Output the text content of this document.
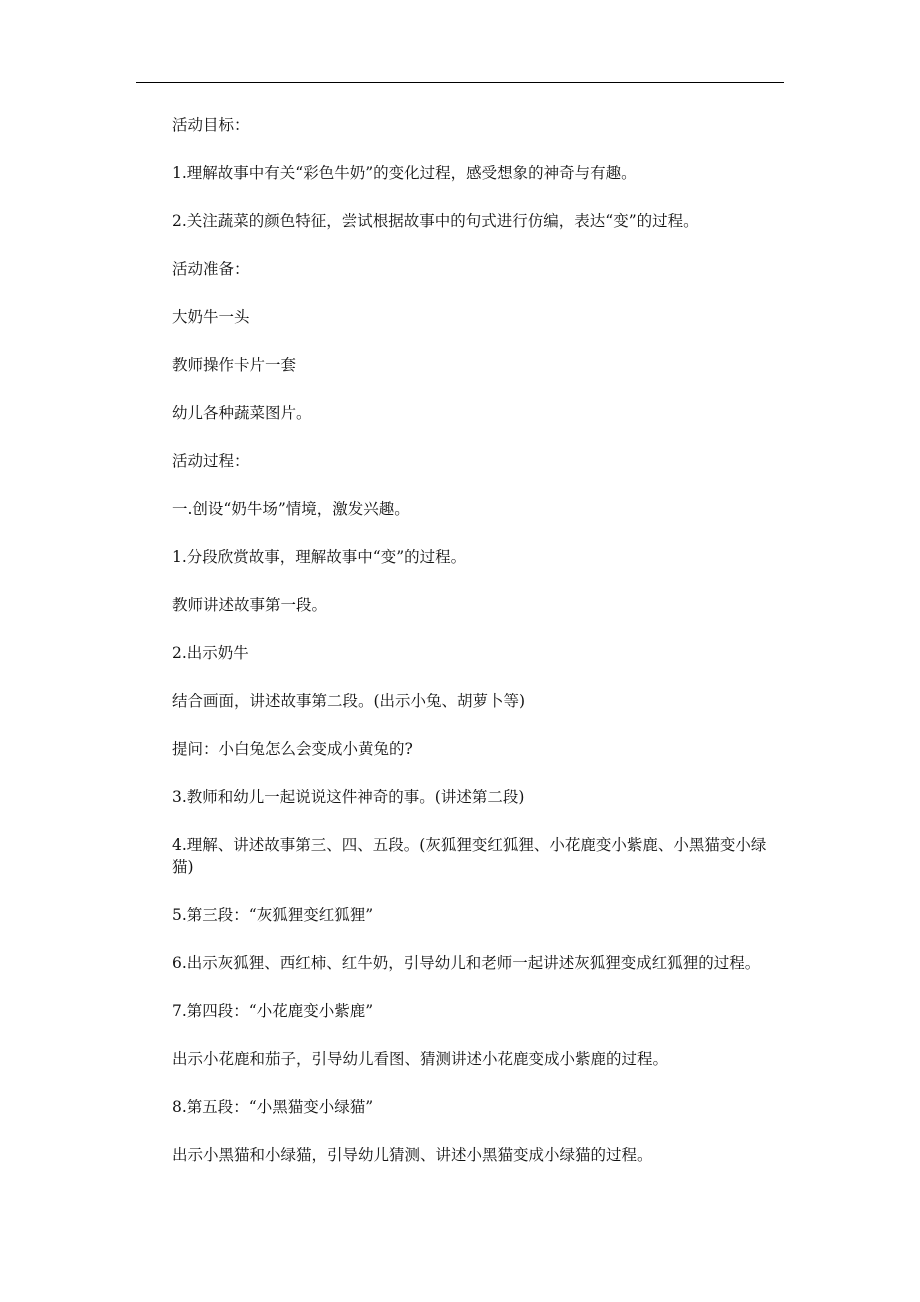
活动目标：

1.理解故事中有关“彩色牛奶”的变化过程，感受想象的神奇与有趣。

2.关注蔬菜的颜色特征，尝试根据故事中的句式进行仿编，表达“变”的过程。

活动准备：

大奶牛一头

教师操作卡片一套

幼儿各种蔬菜图片。

活动过程：

一.创设“奶牛场”情境，激发兴趣。

1.分段欣赏故事，理解故事中“变”的过程。

教师讲述故事第一段。

2.出示奶牛

结合画面，讲述故事第二段。(出示小兔、胡萝卜等)

提问：小白兔怎么会变成小黄兔的?

3.教师和幼儿一起说说这件神奇的事。(讲述第二段)

4.理解、讲述故事第三、四、五段。(灰狐狸变红狐狸、小花鹿变小紫鹿、小黑猫变小绿猫)

5.第三段：“灰狐狸变红狐狸”

6.出示灰狐狸、西红柿、红牛奶，引导幼儿和老师一起讲述灰狐狸变成红狐狸的过程。

7.第四段：“小花鹿变小紫鹿”

出示小花鹿和茄子，引导幼儿看图、猜测讲述小花鹿变成小紫鹿的过程。

8.第五段：“小黑猫变小绿猫”

出示小黑猫和小绿猫，引导幼儿猜测、讲述小黑猫变成小绿猫的过程。
